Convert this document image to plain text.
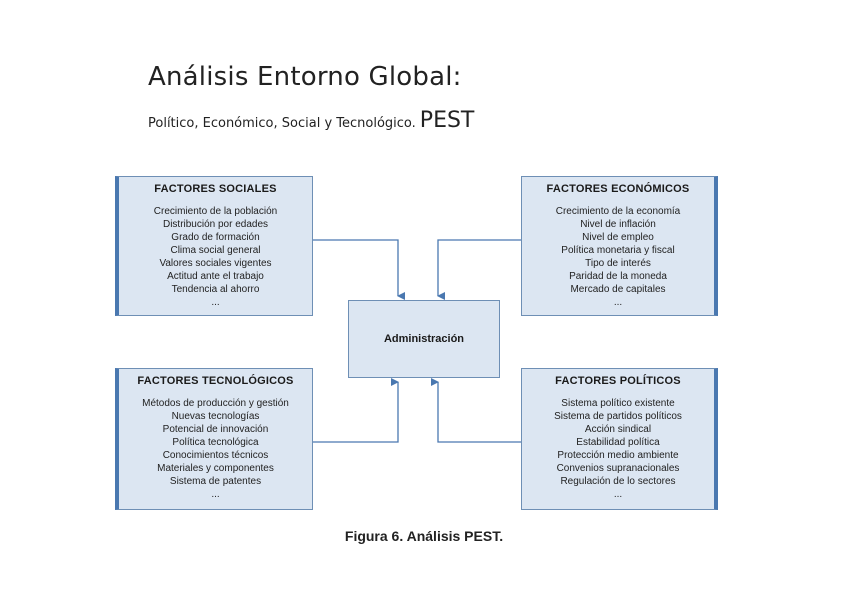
Análisis Entorno Global:
Político, Económico, Social y Tecnológico. PEST
FACTORES SOCIALES
Crecimiento de la población
Distribución por edades
Grado de formación
Clima social general
Valores sociales vigentes
Actitud ante el trabajo
Tendencia al ahorro
...
FACTORES ECONÓMICOS
Crecimiento de la economía
Nivel de inflación
Nivel de empleo
Política monetaria y fiscal
Tipo de interés
Paridad de la moneda
Mercado de capitales
...
FACTORES TECNOLÓGICOS
Métodos de producción y gestión
Nuevas tecnologías
Potencial de innovación
Política tecnológica
Conocimientos técnicos
Materiales y componentes
Sistema de patentes
...
FACTORES POLÍTICOS
Sistema político existente
Sistema de partidos políticos
Acción sindical
Estabilidad política
Protección medio ambiente
Convenios supranacionales
Regulación de lo sectores
...
Administración
Figura 6. Análisis PEST.
